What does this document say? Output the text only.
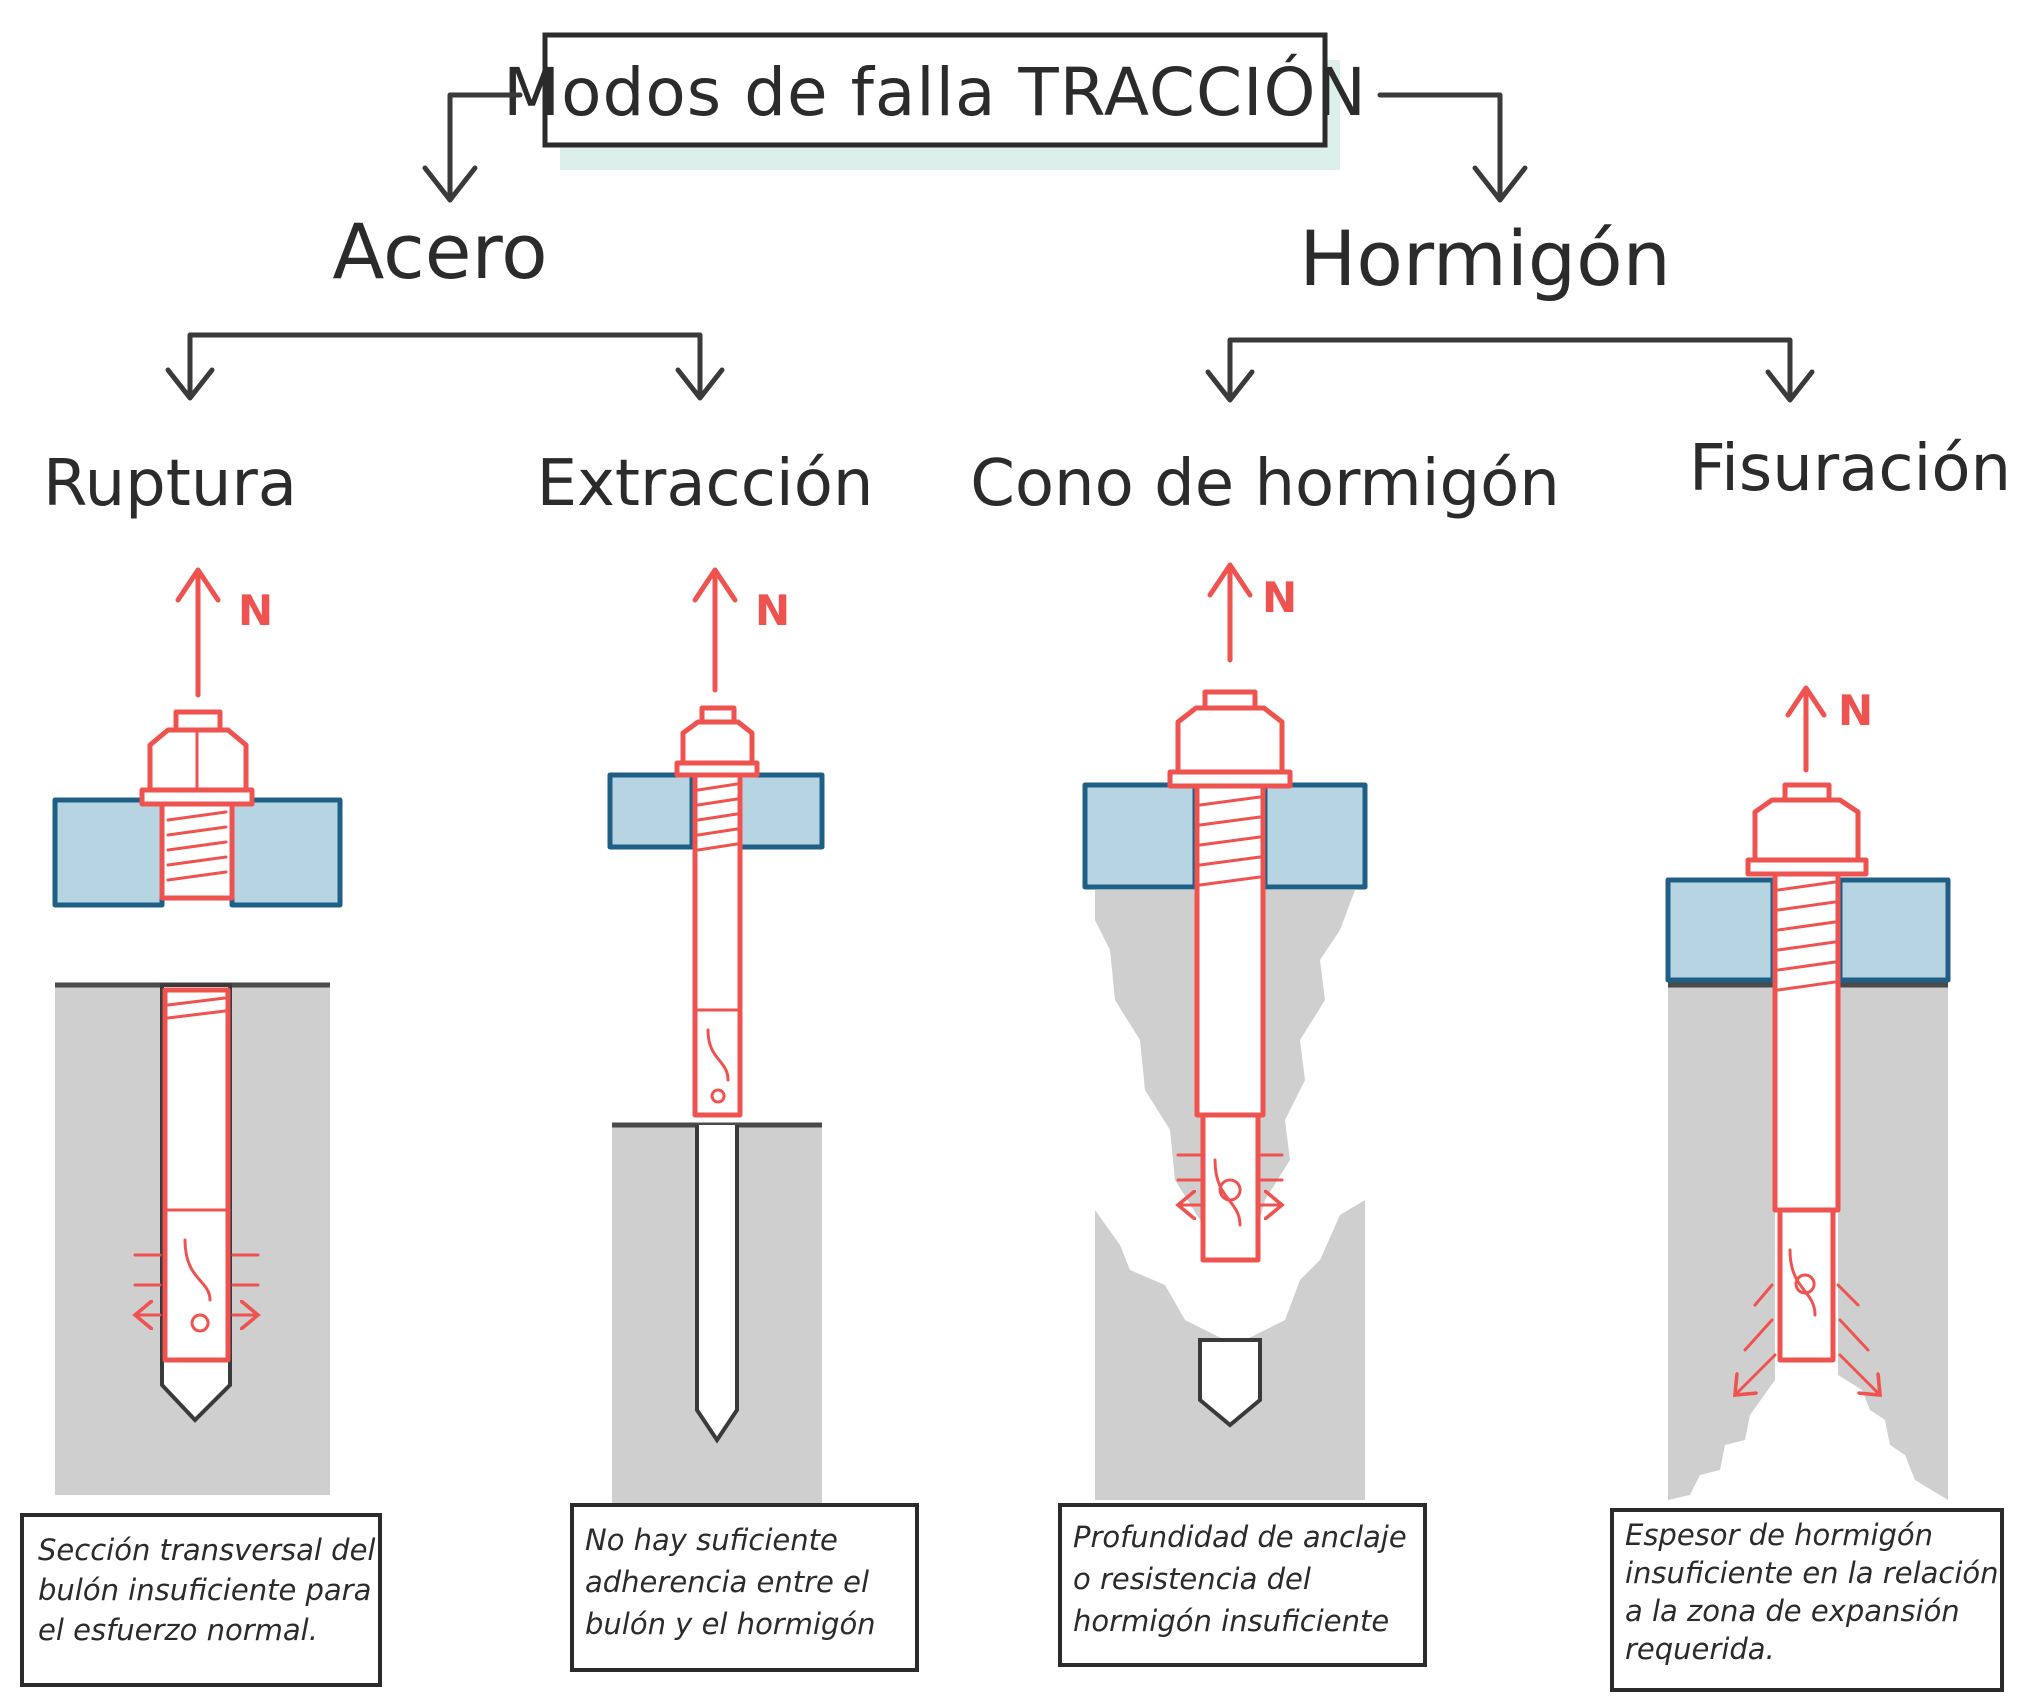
Modos de falla TRACCIÓN
Acero	Hormigón
Ruptura	Extracción Cono de hormigón Fisuración
N
Sección transversal del
bulón insuficiente para
el esfuerzo normal.
N
No hay suficiente
adherencia entre el
bulón y el hormigón
N
Profundidad de anclaje
o resistencia del
hormigón insuficiente
N
Espesor de hormigón
insuficiente en la relación
a la zona de expansión
requerida.
